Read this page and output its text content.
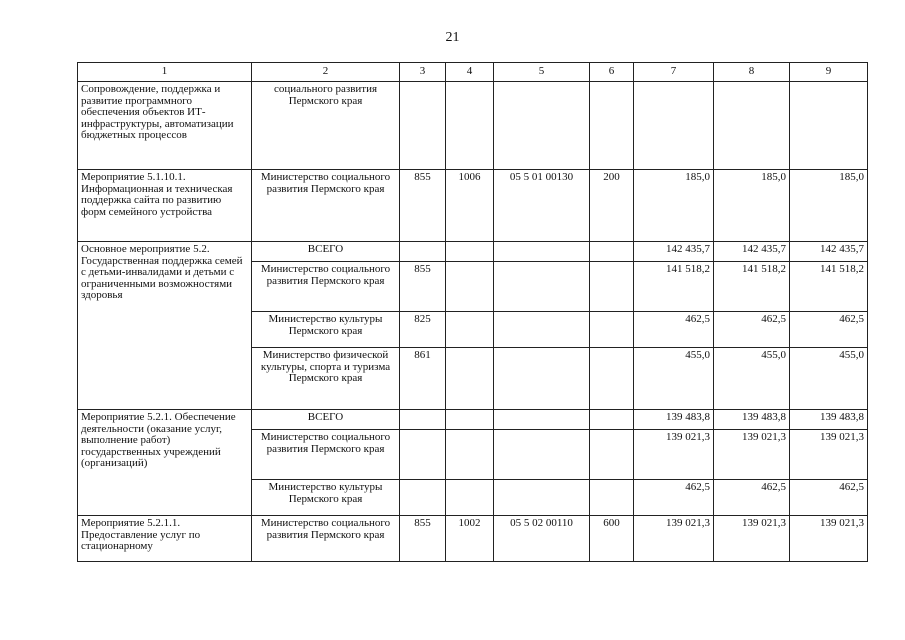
21
1	2	3	4	5	6	7	8	9
Сопровождение, поддержка и развитие программного обеспечения объектов ИТ-инфраструктуры, автоматизации бюджетных процессов	социального развития Пермского края							
Мероприятие 5.1.10.1. Информационная и техническая поддержка сайта по развитию форм семейного устройства	Министерство социального развития Пермского края	855	1006	05 5 01 00130	200	185,0	185,0	185,0
Основное мероприятие 5.2. Государственная поддержка семей с детьми-инвалидами и детьми с ограниченными возможностями здоровья	ВСЕГО					142 435,7	142 435,7	142 435,7
	Министерство социального развития Пермского края	855				141 518,2	141 518,2	141 518,2
	Министерство культуры Пермского края	825				462,5	462,5	462,5
	Министерство физической культуры, спорта и туризма Пермского края	861				455,0	455,0	455,0
Мероприятие 5.2.1. Обеспечение деятельности (оказание услуг, выполнение работ) государственных учреждений (организаций)	ВСЕГО					139 483,8	139 483,8	139 483,8
	Министерство социального развития Пермского края					139 021,3	139 021,3	139 021,3
	Министерство культуры Пермского края					462,5	462,5	462,5
Мероприятие 5.2.1.1. Предоставление услуг по стационарному	Министерство социального развития Пермского края	855	1002	05 5 02 00110	600	139 021,3	139 021,3	139 021,3
